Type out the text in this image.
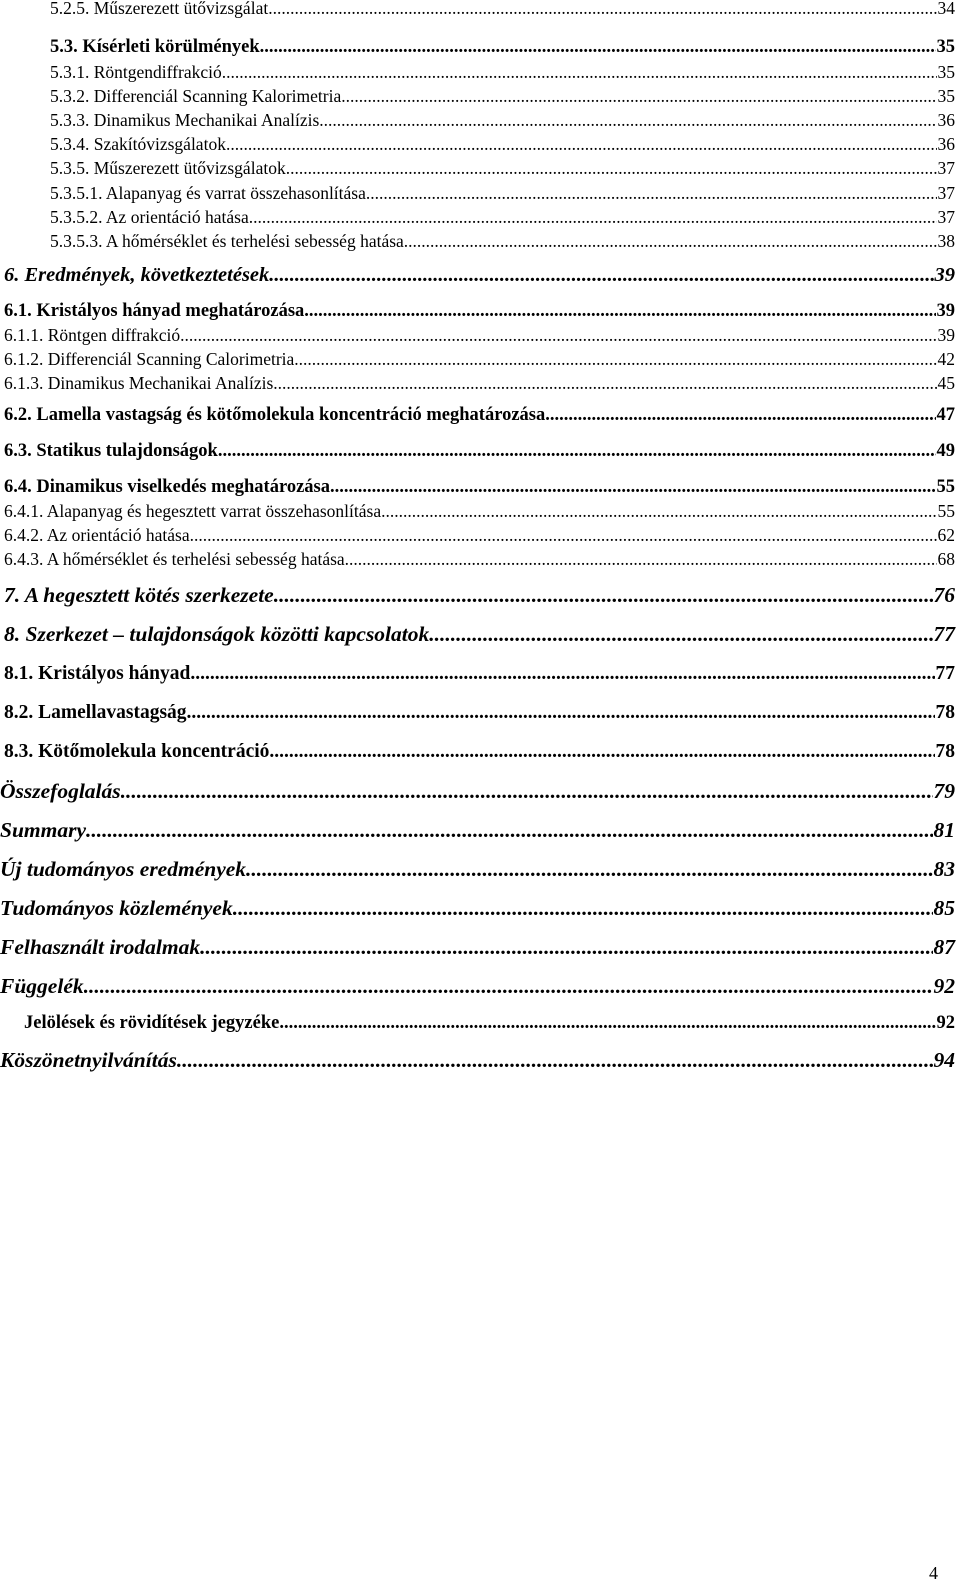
5.2.5. Műszerezett ütővizsgálat .....	34
5.3. Kísérleti körülmények .....	35
5.3.1. Röntgendiffrakció .....	35
5.3.2. Differenciál Scanning Kalorimetria .....	35
5.3.3. Dinamikus Mechanikai Analízis .....	36
5.3.4. Szakítóvizsgálatok .....	36
5.3.5. Műszerezett ütővizsgálatok .....	37
5.3.5.1. Alapanyag és varrat összehasonlítása .....	37
5.3.5.2. Az orientáció hatása .....	37
5.3.5.3. A hőmérséklet és terhelési sebesség hatása .....	38
6. Eredmények, következtetések .....	39
6.1. Kristályos hányad meghatározása .....	39
6.1.1. Röntgen diffrakció .....	39
6.1.2. Differenciál Scanning Calorimetria .....	42
6.1.3. Dinamikus Mechanikai Analízis .....	45
6.2. Lamella vastagság és kötőmolekula koncentráció meghatározása .....	47
6.3. Statikus tulajdonságok .....	49
6.4. Dinamikus viselkedés meghatározása .....	55
6.4.1. Alapanyag és hegesztett varrat összehasonlítása .....	55
6.4.2. Az orientáció hatása .....	62
6.4.3. A hőmérséklet és terhelési sebesség hatása .....	68
7. A hegesztett kötés szerkezete .....	76
8. Szerkezet – tulajdonságok közötti kapcsolatok .....	77
8.1. Kristályos hányad .....	77
8.2. Lamellavastagság .....	78
8.3. Kötőmolekula koncentráció .....	78
Összefoglalás .....	79
Summary .....	81
Új tudományos eredmények .....	83
Tudományos közlemények .....	85
Felhasznált irodalmak .....	87
Függelék .....	92
Jelölések és rövidítések jegyzéke .....	92
Köszönetnyilvánítás .....	94
4
